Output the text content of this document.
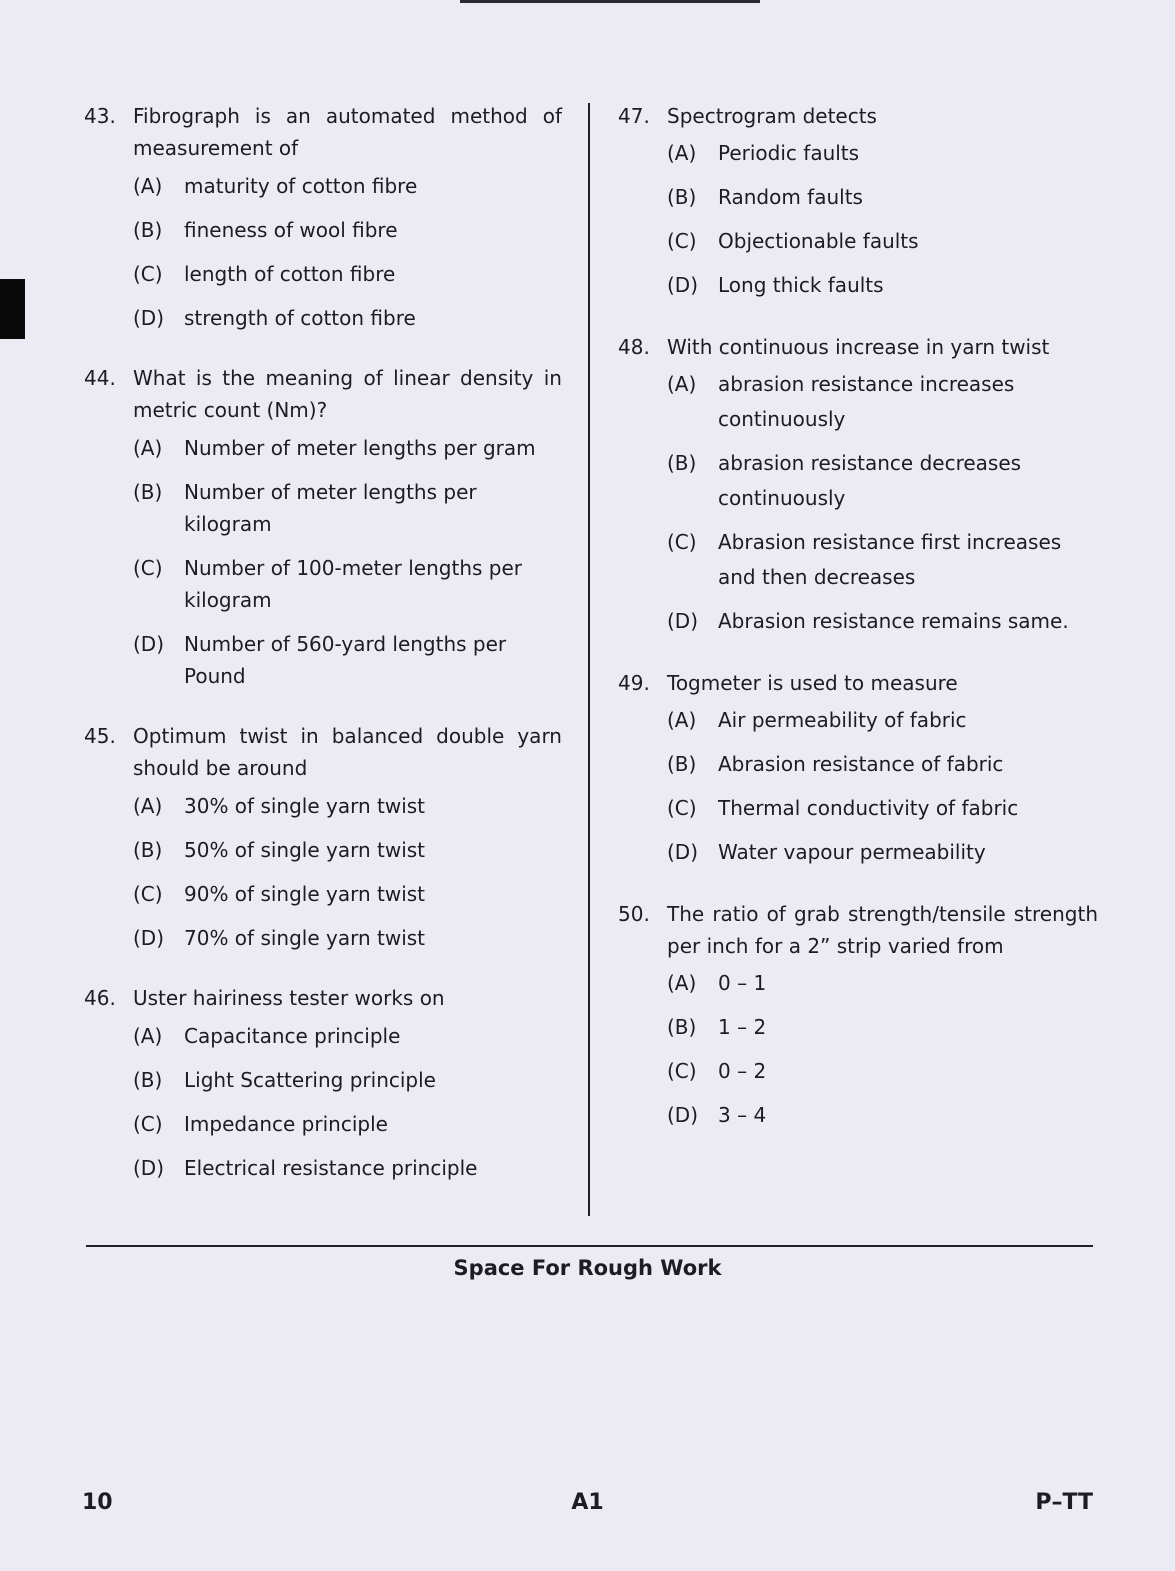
43. Fibrograph is an automated method of measurement of
(A)	maturity of cotton fibre
(B)	fineness of wool fibre
(C)	length of cotton fibre
(D) strength of cotton fibre
44. What is the meaning of linear density in metric count (Nm)?
(A)	Number of meter lengths per gram
(B)	Number of meter lengths per kilogram
(C)	Number of 100-meter lengths per kilogram
(D) Number of 560-yard lengths per Pound
45. Optimum twist in balanced double yarn should be around
(A)	30% of single yarn twist
(B)	50% of single yarn twist
(C)	90% of single yarn twist
(D) 70% of single yarn twist
46. Uster hairiness tester works on
(A)	Capacitance principle
(B)	Light Scattering principle
(C)	Impedance principle
(D) Electrical resistance principle
47. Spectrogram detects
(A)	Periodic faults
(B)	Random faults
(C)	Objectionable faults
(D) Long thick faults
48. With continuous increase in yarn twist
(A)	abrasion resistance increases continuously
(B)	abrasion resistance decreases continuously
(C)	Abrasion resistance first increases and then decreases
(D) Abrasion resistance remains same.
49. Togmeter is used to measure
(A)	Air permeability of fabric
(B)	Abrasion resistance of fabric
(C)	Thermal conductivity of fabric
(D) Water vapour permeability
50. The ratio of grab strength/tensile strength per inch for a 2” strip varied from
(A)	0 – 1
(B)	1 – 2
(C)	0 – 2
(D) 3 – 4
Space For Rough Work
10	A1	P–TT
